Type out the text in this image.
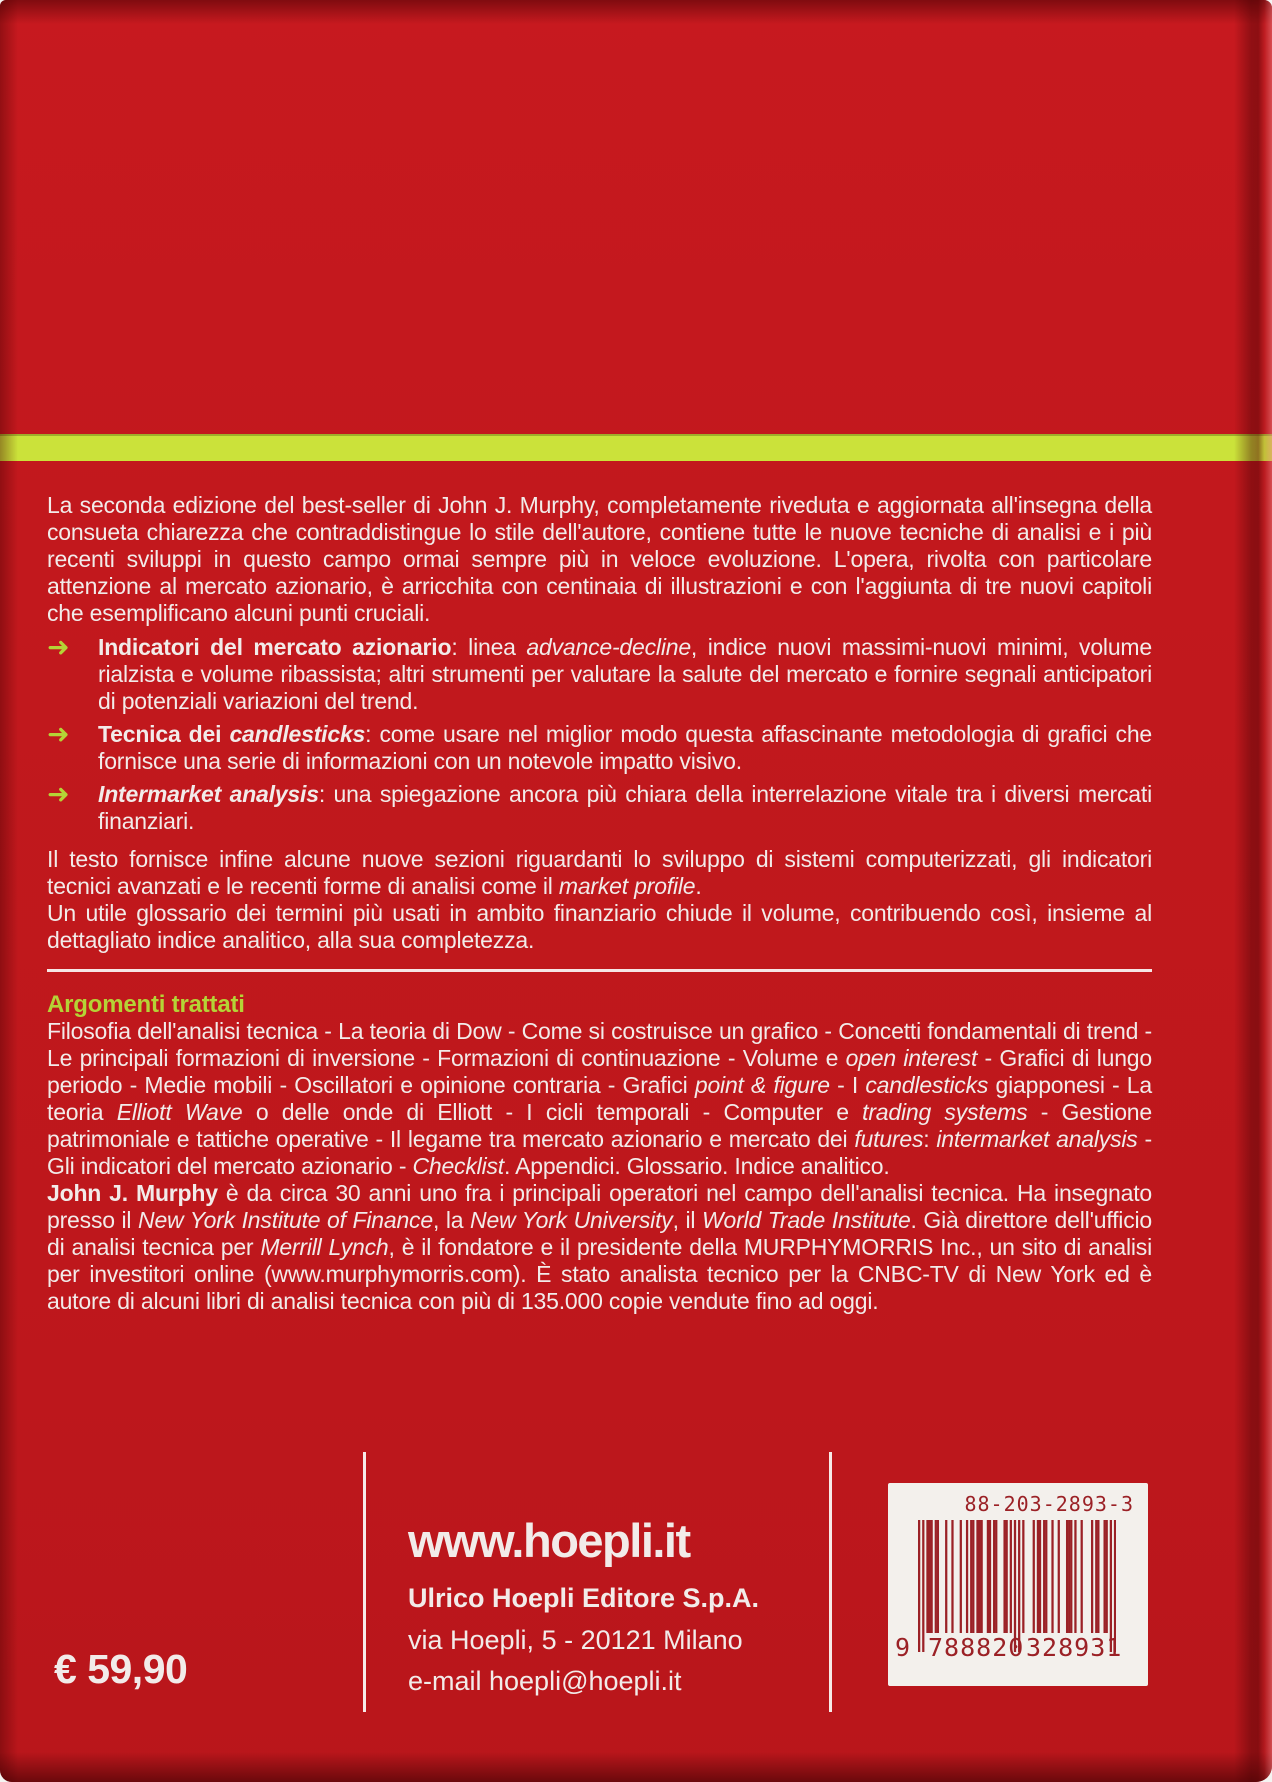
La seconda edizione del best-seller di John J. Murphy, completamente riveduta e aggiornata all'insegna della consueta chiarezza che contraddistingue lo stile dell'autore, contiene tutte le nuove tecniche di analisi e i più recenti sviluppi in questo campo ormai sempre più in veloce evoluzione. L'opera, rivolta con particolare attenzione al mercato azionario, è arricchita con centinaia di illustrazioni e con l'aggiunta di tre nuovi capitoli che esemplificano alcuni punti cruciali.

➜	Indicatori del mercato azionario: linea advance-decline, indice nuovi massimi-nuovi minimi, volume rialzista e volume ribassista; altri strumenti per valutare la salute del mercato e fornire segnali anticipatori di potenziali variazioni del trend.
➜	Tecnica dei candlesticks: come usare nel miglior modo questa affascinante metodologia di grafici che fornisce una serie di informazioni con un notevole impatto visivo.
➜	Intermarket analysis: una spiegazione ancora più chiara della interrelazione vitale tra i diversi mercati finanziari.

Il testo fornisce infine alcune nuove sezioni riguardanti lo sviluppo di sistemi computerizzati, gli indicatori tecnici avanzati e le recenti forme di analisi come il market profile.

Un utile glossario dei termini più usati in ambito finanziario chiude il volume, contribuendo così, insieme al dettagliato indice analitico, alla sua completezza.

Argomenti trattati

Filosofia dell'analisi tecnica - La teoria di Dow - Come si costruisce un grafico - Concetti fondamentali di trend - Le principali formazioni di inversione - Formazioni di continuazione - Volume e open interest - Grafici di lungo periodo - Medie mobili - Oscillatori e opinione contraria - Grafici point & figure - I candlesticks giapponesi - La teoria Elliott Wave o delle onde di Elliott - I cicli temporali - Computer e trading systems - Gestione patrimoniale e tattiche operative - Il legame tra mercato azionario e mercato dei futures: intermarket analysis - Gli indicatori del mercato azionario - Checklist. Appendici. Glossario. Indice analitico.

John J. Murphy è da circa 30 anni uno fra i principali operatori nel campo dell'analisi tecnica. Ha insegnato presso il New York Institute of Finance, la New York University, il World Trade Institute. Già direttore dell'ufficio di analisi tecnica per Merrill Lynch, è il fondatore e il presidente della MURPHYMORRIS Inc., un sito di analisi per investitori online (www.murphymorris.com). È stato analista tecnico per la CNBC-TV di New York ed è autore di alcuni libri di analisi tecnica con più di 135.000 copie vendute fino ad oggi.

www.hoepli.it
Ulrico Hoepli Editore S.p.A.
via Hoepli, 5 - 20121 Milano
e-mail hoepli@hoepli.it
€ 59,90
88-203-2893-3
9 788820 328931
